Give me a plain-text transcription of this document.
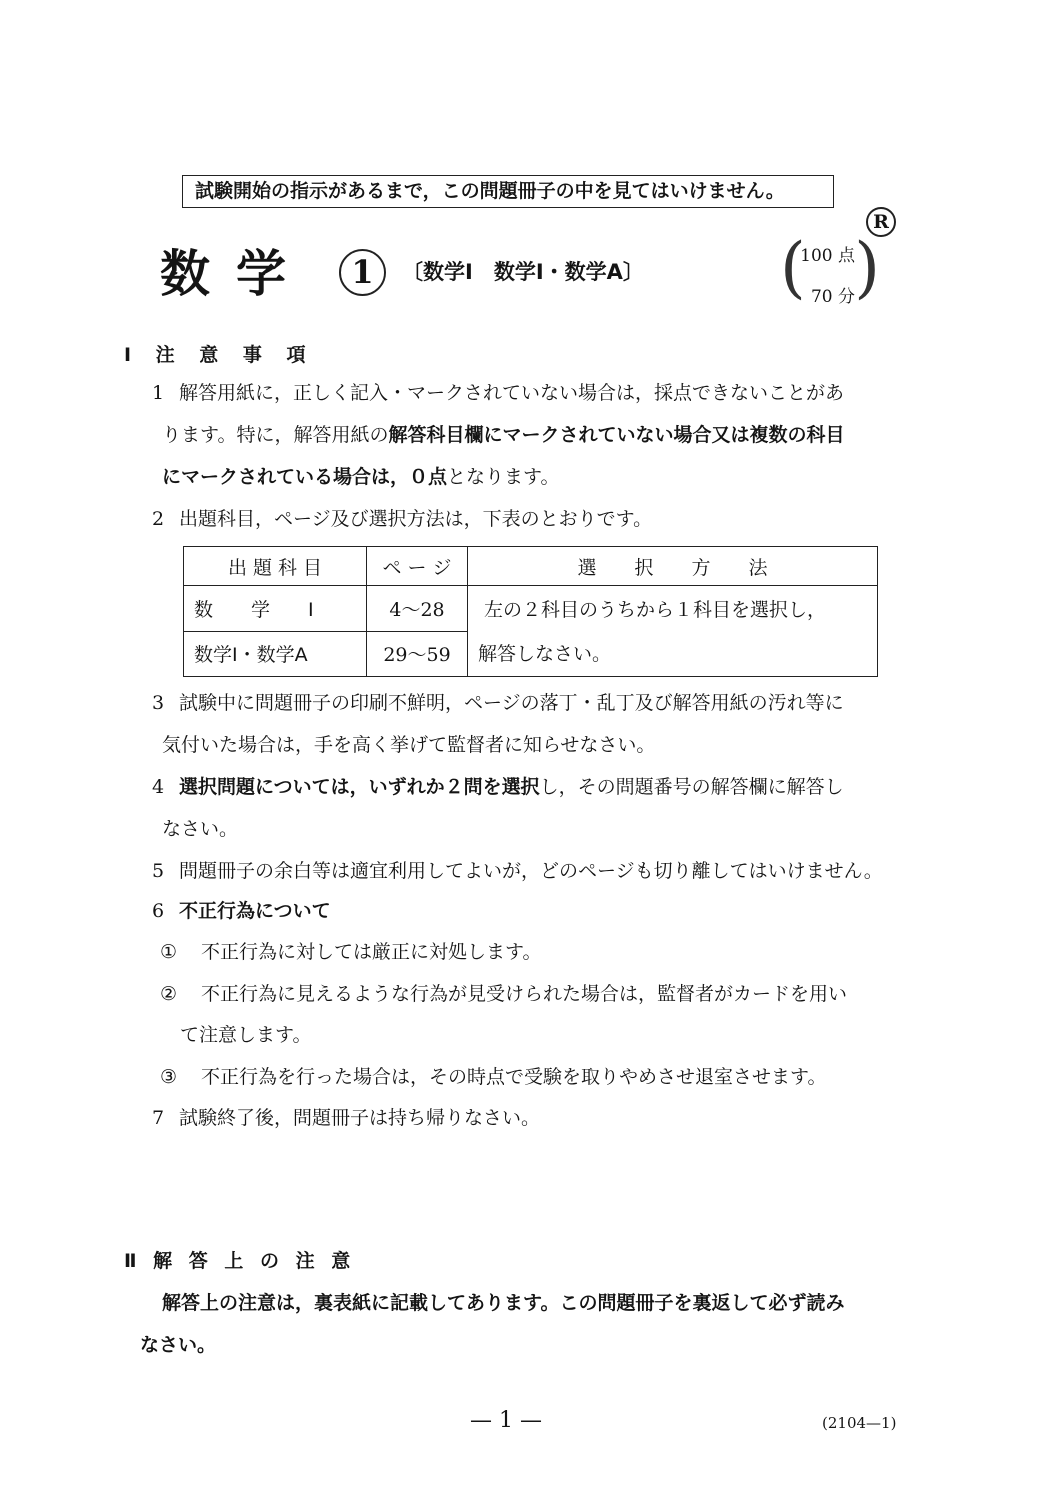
試験開始の指示があるまで，この問題冊子の中を見てはいけません。
R
数学	1	〔数学Ⅰ　数学Ⅰ・数学A〕 ( )
100 点
70 分
Ⅰ 注 意 事 項
1 解答用紙に，正しく記入・マークされていない場合は，採点できないことがあ
ります。特に，解答用紙の解答科目欄にマークされていない場合又は複数の科目
にマークされている場合は，０点となります。
2 出題科目，ページ及び選択方法は，下表のとおりです。
出 題 科 目	ペ ー ジ	選　　択　　方　　法
数　　学　　Ⅰ	4～28	左の２科目のうちから１科目を選択し，
解答しなさい。

数学Ⅰ・数学A	29～59	
3 試験中に問題冊子の印刷不鮮明，ページの落丁・乱丁及び解答用紙の汚れ等に
気付いた場合は，手を高く挙げて監督者に知らせなさい。
4 選択問題については，いずれか２問を選択し，その問題番号の解答欄に解答し
なさい。
5 問題冊子の余白等は適宜利用してよいが，どのページも切り離してはいけません。
6 不正行為について
① 不正行為に対しては厳正に対処します。
② 不正行為に見えるような行為が見受けられた場合は，監督者がカードを用い
て注意します。
③ 不正行為を行った場合は，その時点で受験を取りやめさせ退室させます。
7 試験終了後，問題冊子は持ち帰りなさい。
Ⅱ 解 答 上 の 注 意
解答上の注意は，裏表紙に記載してあります。この問題冊子を裏返して必ず読み
なさい。
— 1 —	(2104—1)
